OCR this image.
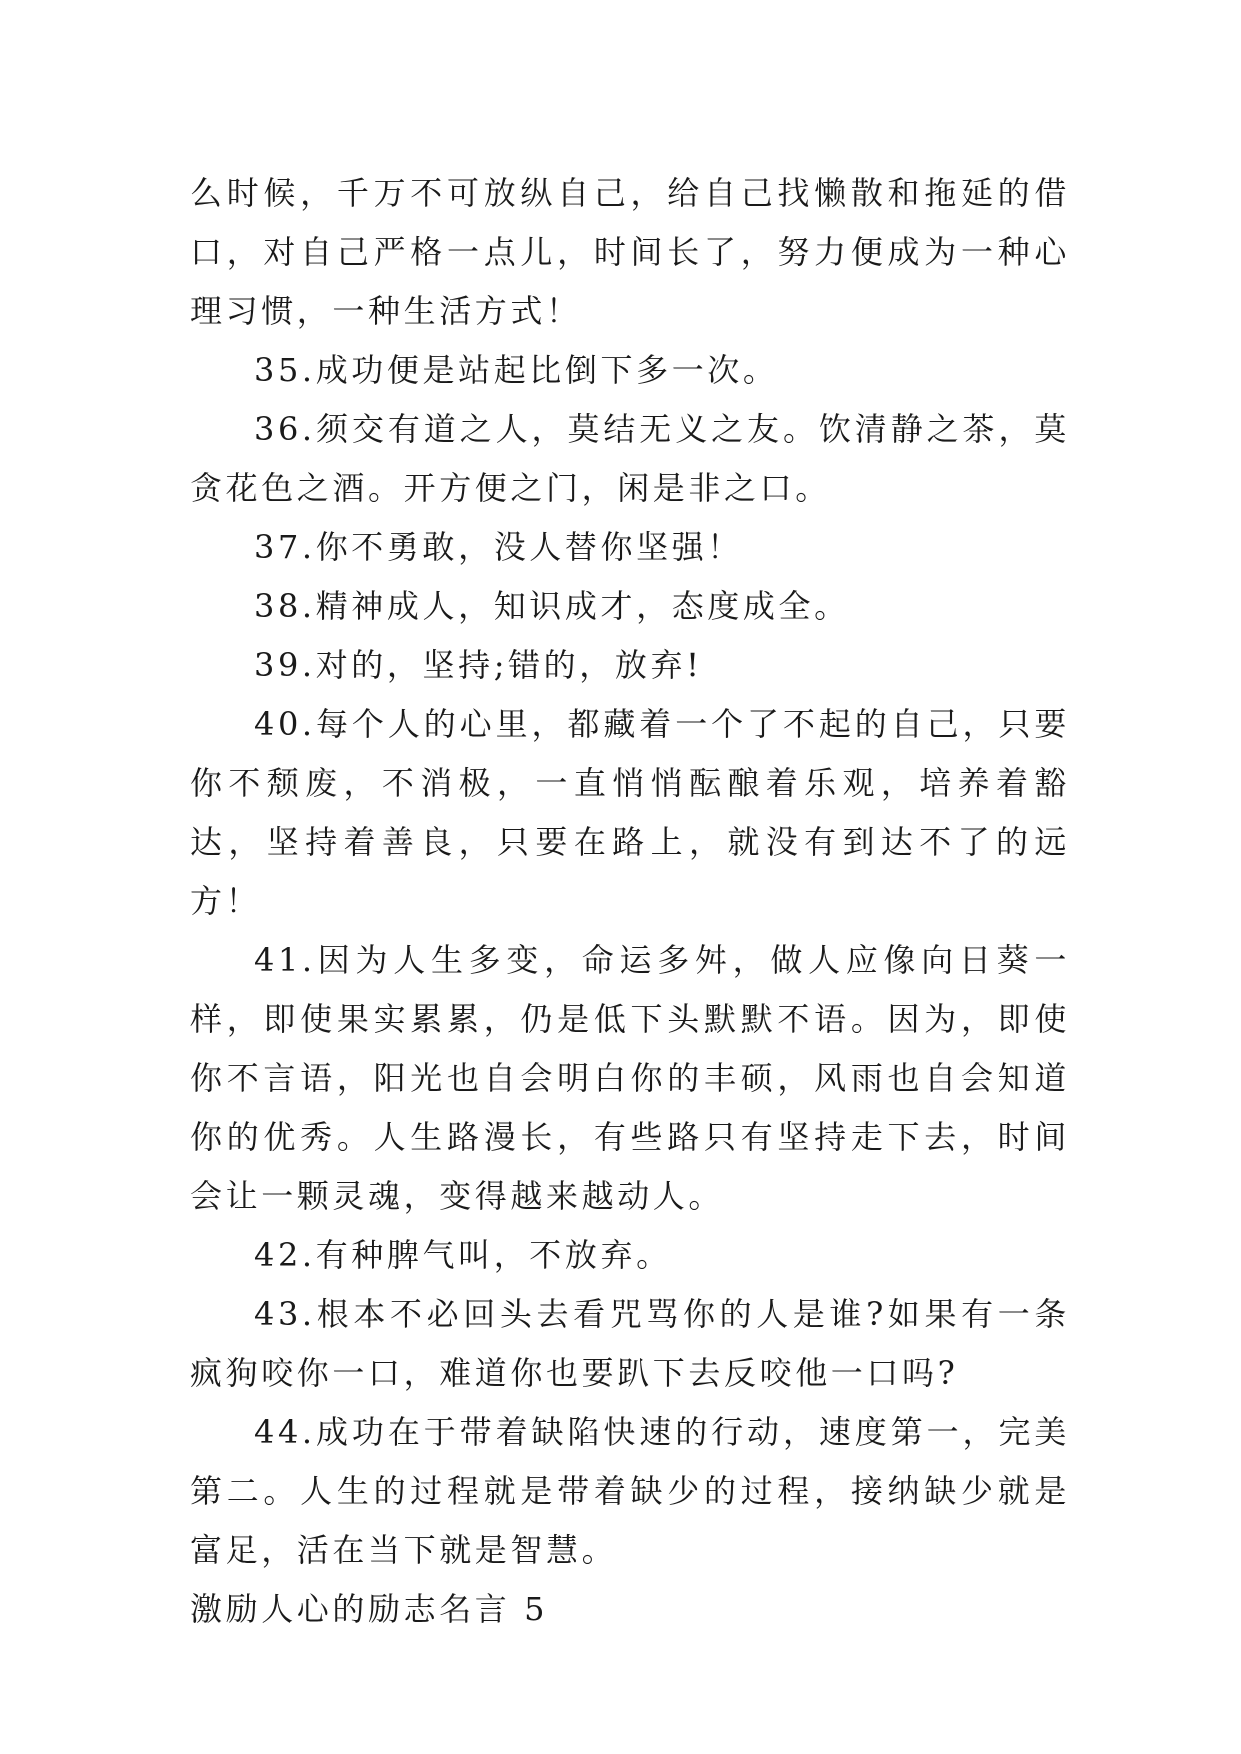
么时候，千万不可放纵自己，给自己找懒散和拖延的借口，对自己严格一点儿，时间长了，努力便成为一种心理习惯，一种生活方式！

35.成功便是站起比倒下多一次。

36.须交有道之人，莫结无义之友。饮清静之茶，莫贪花色之酒。开方便之门，闲是非之口。

37.你不勇敢，没人替你坚强！

38.精神成人，知识成才，态度成全。

39.对的，坚持;错的，放弃!

40.每个人的心里，都藏着一个了不起的自己，只要你不颓废，不消极，一直悄悄酝酿着乐观，培养着豁达，坚持着善良，只要在路上，就没有到达不了的远方！

41.因为人生多变，命运多舛，做人应像向日葵一样，即使果实累累，仍是低下头默默不语。因为，即使你不言语，阳光也自会明白你的丰硕，风雨也自会知道你的优秀。人生路漫长，有些路只有坚持走下去，时间会让一颗灵魂，变得越来越动人。

42.有种脾气叫，不放弃。

43.根本不必回头去看咒骂你的人是谁?如果有一条疯狗咬你一口，难道你也要趴下去反咬他一口吗?

44.成功在于带着缺陷快速的行动，速度第一，完美第二。人生的过程就是带着缺少的过程，接纳缺少就是富足，活在当下就是智慧。

激励人心的励志名言 5
